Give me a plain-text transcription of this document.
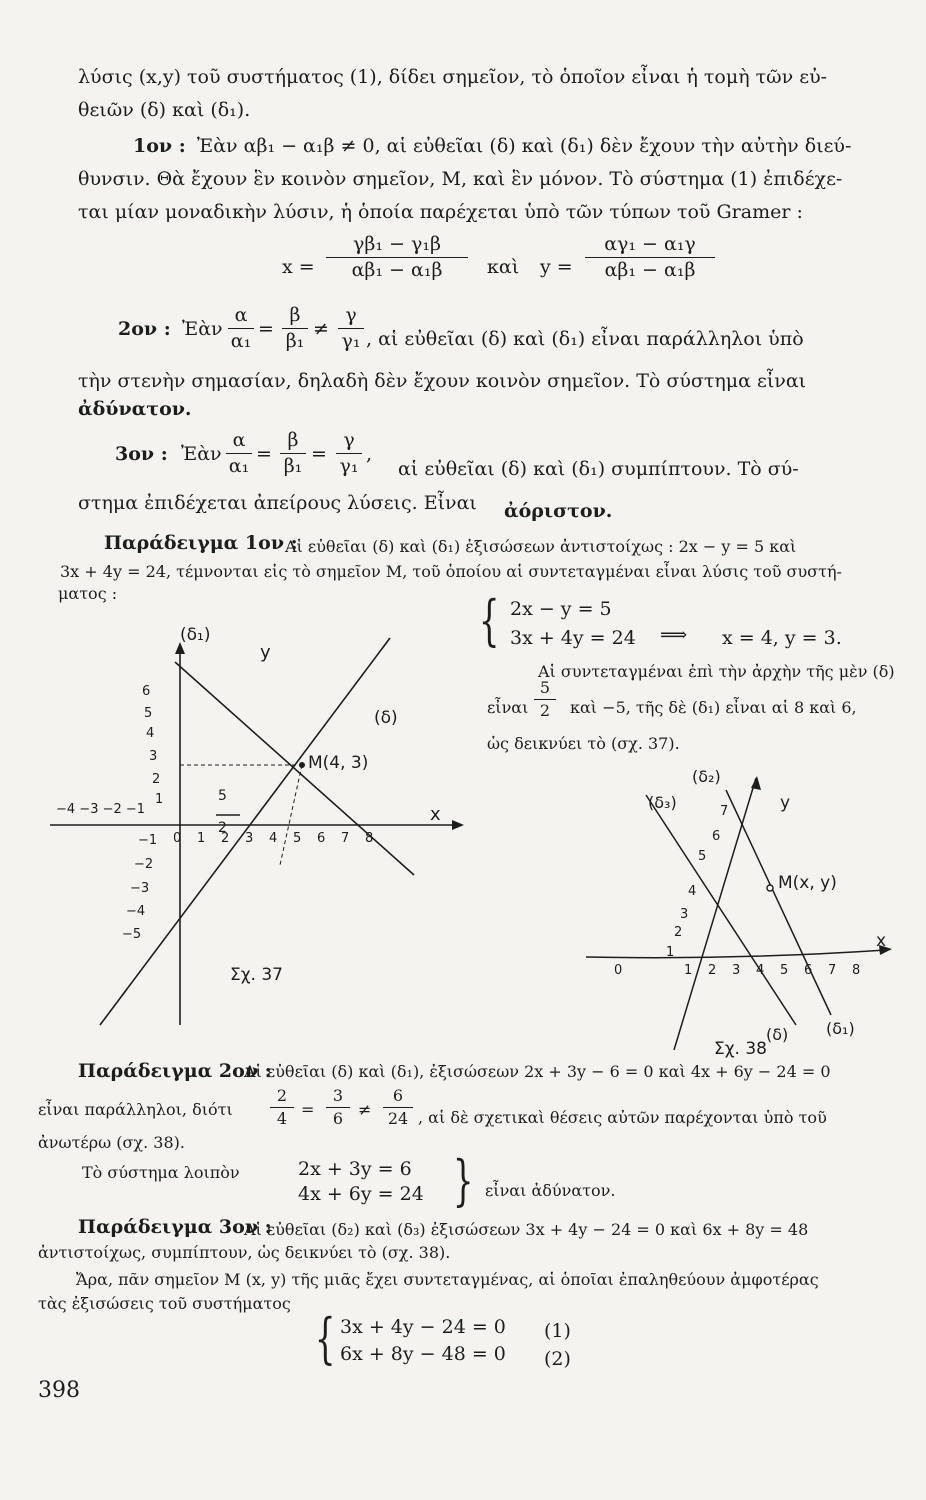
λύσις (x,y) τοῦ συστήματος (1), δίδει σημεῖον, τὸ ὁποῖον εἶναι ἡ τομὴ τῶν εὐ-
θειῶν (δ) καὶ (δ₁).
1ον : Ἐὰν αβ₁ − α₁β ≠ 0, αἱ εὐθεῖαι (δ) καὶ (δ₁) δὲν ἔχουν τὴν αὐτὴν διεύ-
θυνσιν. Θὰ ἔχουν ἓν κοινὸν σημεῖον, Μ, καὶ ἓν μόνον. Τὸ σύστημα (1) ἐπιδέχε-
ται μίαν μοναδικὴν λύσιν, ἡ ὁποία παρέχεται ὑπὸ τῶν τύπων τοῦ Gramer :
x =
γβ₁ − γ₁β
αβ₁ − α₁β	καὶ y =
αγ₁ − α₁γ
αβ₁ − α₁β
2ον : Ἐὰν
α
α₁
=
β
β₁
≠
γ
γ₁ , αἱ εὐθεῖαι (δ) καὶ (δ₁) εἶναι παράλληλοι ὑπὸ
τὴν στενὴν σημασίαν, δηλαδὴ δὲν ἔχουν κοινὸν σημεῖον. Τὸ σύστημα εἶναι
ἀδύνατον.
3ον : Ἐὰν
α
α₁
=
β
β₁
=
γ
γ₁
,
αἱ εὐθεῖαι (δ) καὶ (δ₁) συμπίπτουν. Τὸ σύ-
στημα ἐπιδέχεται ἀπείρους λύσεις. Εἶναι ἀόριστον.
Παράδειγμα 1ον :
Αἱ εὐθεῖαι (δ) καὶ (δ₁) ἐξισώσεων ἀντιστοίχως : 2x − y = 5 καὶ
3x + 4y = 24, τέμνονται εἰς τὸ σημεῖον Μ, τοῦ ὁποίου αἱ συντεταγμέναι εἶναι λύσις τοῦ συστή-
ματος :	{ 2x − y = 5
3x + 4y = 24 ⟹ x = 4, y = 3.
Αἱ συντεταγμέναι ἐπὶ τὴν ἀρχὴν τῆς μὲν (δ)
εἶναι
5
2	καὶ −5, τῆς δὲ (δ₁) εἶναι αἱ 8 καὶ 6,
ὡς δεικνύει τὸ (σχ. 37).
(δ₁)
y
(δ)
M(4, 3)
x
5
2
−4 −3 −2 −1
6
5
4
3
2
1
−1
−2
−3
−4
−5
0 1 2 3 4 5 6 7 8
Σχ. 37
(δ₂)
(δ₃)	y
M(x, y)
x
(δ) (δ₁)
7
6
5
4
3
2
1
0	1 2 3 4 5 6 7 8
Σχ. 38
Παράδειγμα 2ον :
Αἱ εὐθεῖαι (δ) καὶ (δ₁), ἐξισώσεων 2x + 3y − 6 = 0 καὶ 4x + 6y − 24 = 0
εἶναι παράλληλοι, διότι
2
4 =
3
6 ≠
6
24 , αἱ δὲ σχετικαὶ θέσεις αὐτῶν παρέχονται ὑπὸ τοῦ
ἀνωτέρω (σχ. 38).
Τὸ σύστημα λοιπὸν	2x + 3y = 6
4x + 6y = 24 } εἶναι ἀδύνατον.
Παράδειγμα 3ον :
Αἱ εὐθεῖαι (δ₂) καὶ (δ₃) ἐξισώσεων 3x + 4y − 24 = 0 καὶ 6x + 8y = 48
ἀντιστοίχως, συμπίπτουν, ὡς δεικνύει τὸ (σχ. 38).
Ἄρα, πᾶν σημεῖον Μ (x, y) τῆς μιᾶς ἔχει συντεταγμένας, αἱ ὁποῖαι ἐπαληθεύουν ἀμφοτέρας
τὰς ἐξισώσεις τοῦ συστήματος
{ 3x + 4y − 24 = 0
6x + 8y − 48 = 0
(1)
(2)
398
